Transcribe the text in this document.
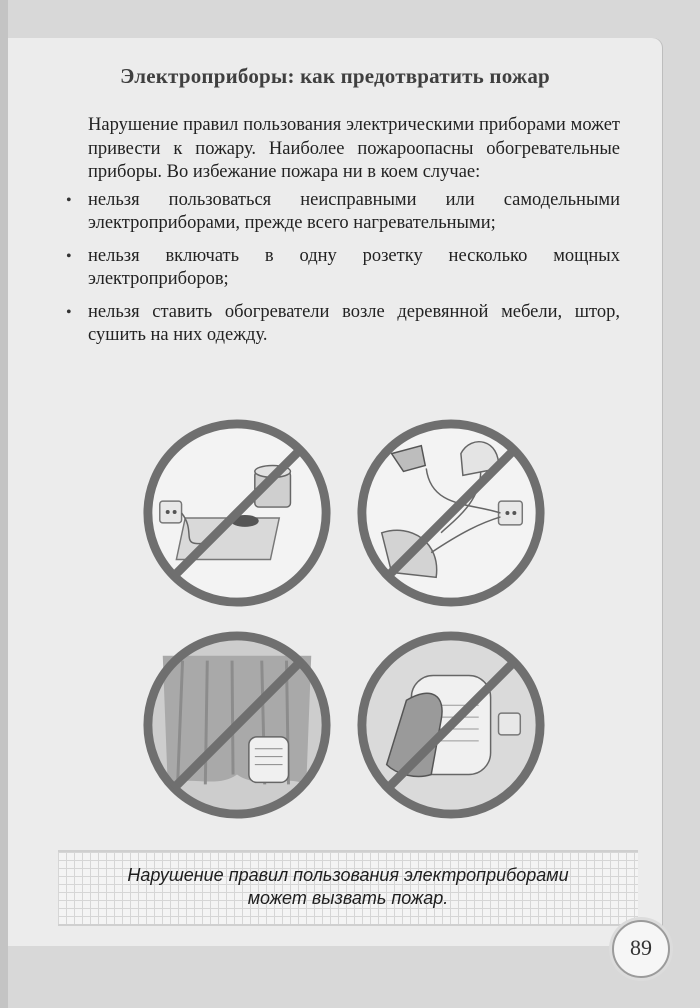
Электроприборы: как предотвратить пожар

Нарушение правил пользования электрическими приборами может привести к пожару. Наиболее пожароопасны обогревательные приборы. Во избежание пожара ни в коем случае:

• нельзя пользоваться неисправными или самодельными электроприборами, прежде всего нагревательными;
• нельзя включать в одну розетку несколько мощных электроприборов;
• нельзя ставить обогреватели возле деревянной мебели, штор, сушить на них одежду.
Нарушение правил пользования электроприборами
может вызвать пожар.
89
